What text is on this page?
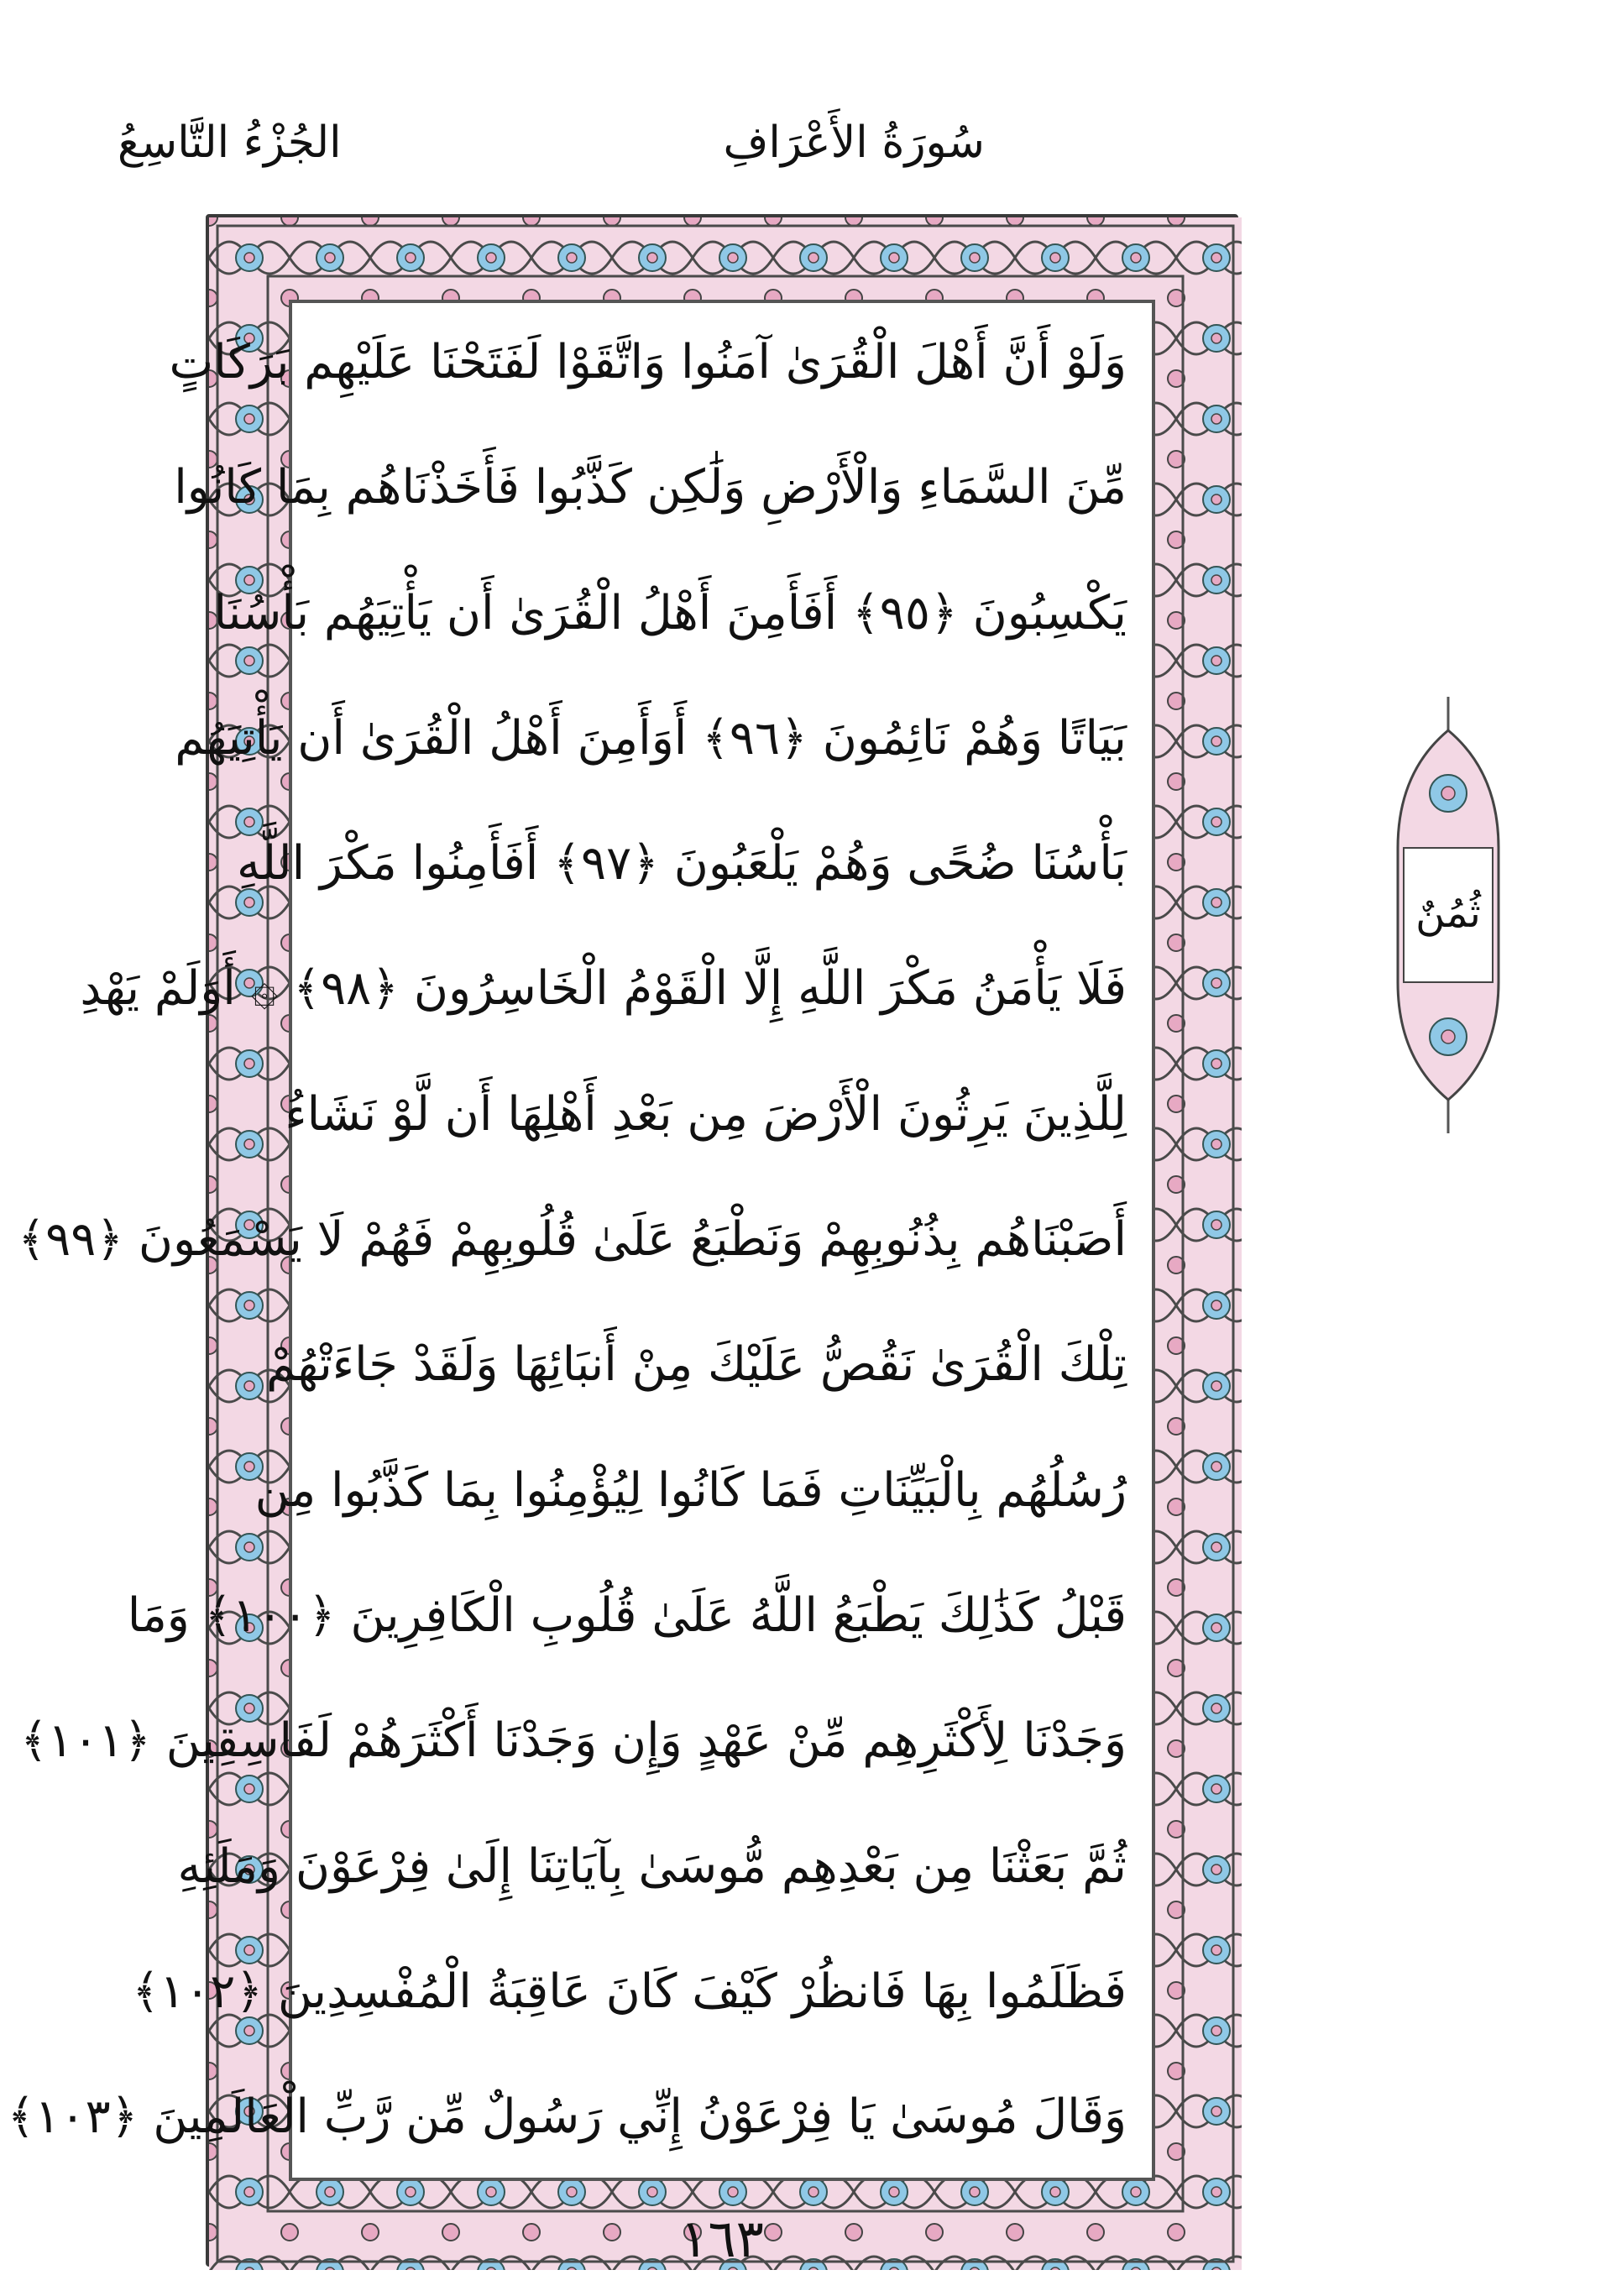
الجُزْءُ التَّاسِعُ	سُورَةُ الأَعْرَافِ
وَلَوْ أَنَّ أَهْلَ الْقُرَىٰ آمَنُوا وَاتَّقَوْا لَفَتَحْنَا عَلَيْهِم بَرَكَاتٍ
مِّنَ السَّمَاءِ وَالْأَرْضِ وَلَٰكِن كَذَّبُوا فَأَخَذْنَاهُم بِمَا كَانُوا
يَكْسِبُونَ ﴿٩٥﴾ أَفَأَمِنَ أَهْلُ الْقُرَىٰ أَن يَأْتِيَهُم بَأْسُنَا
بَيَاتًا وَهُمْ نَائِمُونَ ﴿٩٦﴾ أَوَأَمِنَ أَهْلُ الْقُرَىٰ أَن يَأْتِيَهُم
بَأْسُنَا ضُحًى وَهُمْ يَلْعَبُونَ ﴿٩٧﴾ أَفَأَمِنُوا مَكْرَ اللَّهِ
فَلَا يَأْمَنُ مَكْرَ اللَّهِ إِلَّا الْقَوْمُ الْخَاسِرُونَ ﴿٩٨﴾ ۞ أَوَلَمْ يَهْدِ
لِلَّذِينَ يَرِثُونَ الْأَرْضَ مِن بَعْدِ أَهْلِهَا أَن لَّوْ نَشَاءُ
أَصَبْنَاهُم بِذُنُوبِهِمْ وَنَطْبَعُ عَلَىٰ قُلُوبِهِمْ فَهُمْ لَا يَسْمَعُونَ ﴿٩٩﴾
تِلْكَ الْقُرَىٰ نَقُصُّ عَلَيْكَ مِنْ أَنبَائِهَا وَلَقَدْ جَاءَتْهُمْ
رُسُلُهُم بِالْبَيِّنَاتِ فَمَا كَانُوا لِيُؤْمِنُوا بِمَا كَذَّبُوا مِن
قَبْلُ كَذَٰلِكَ يَطْبَعُ اللَّهُ عَلَىٰ قُلُوبِ الْكَافِرِينَ ﴿١٠٠﴾ وَمَا
وَجَدْنَا لِأَكْثَرِهِم مِّنْ عَهْدٍ وَإِن وَجَدْنَا أَكْثَرَهُمْ لَفَاسِقِينَ ﴿١٠١﴾
ثُمَّ بَعَثْنَا مِن بَعْدِهِم مُّوسَىٰ بِآيَاتِنَا إِلَىٰ فِرْعَوْنَ وَمَلَئِهِ
فَظَلَمُوا بِهَا فَانظُرْ كَيْفَ كَانَ عَاقِبَةُ الْمُفْسِدِينَ ﴿١٠٢﴾
وَقَالَ مُوسَىٰ يَا فِرْعَوْنُ إِنِّي رَسُولٌ مِّن رَّبِّ الْعَالَمِينَ ﴿١٠٣﴾
ثُمُنٌ
١٦٣
